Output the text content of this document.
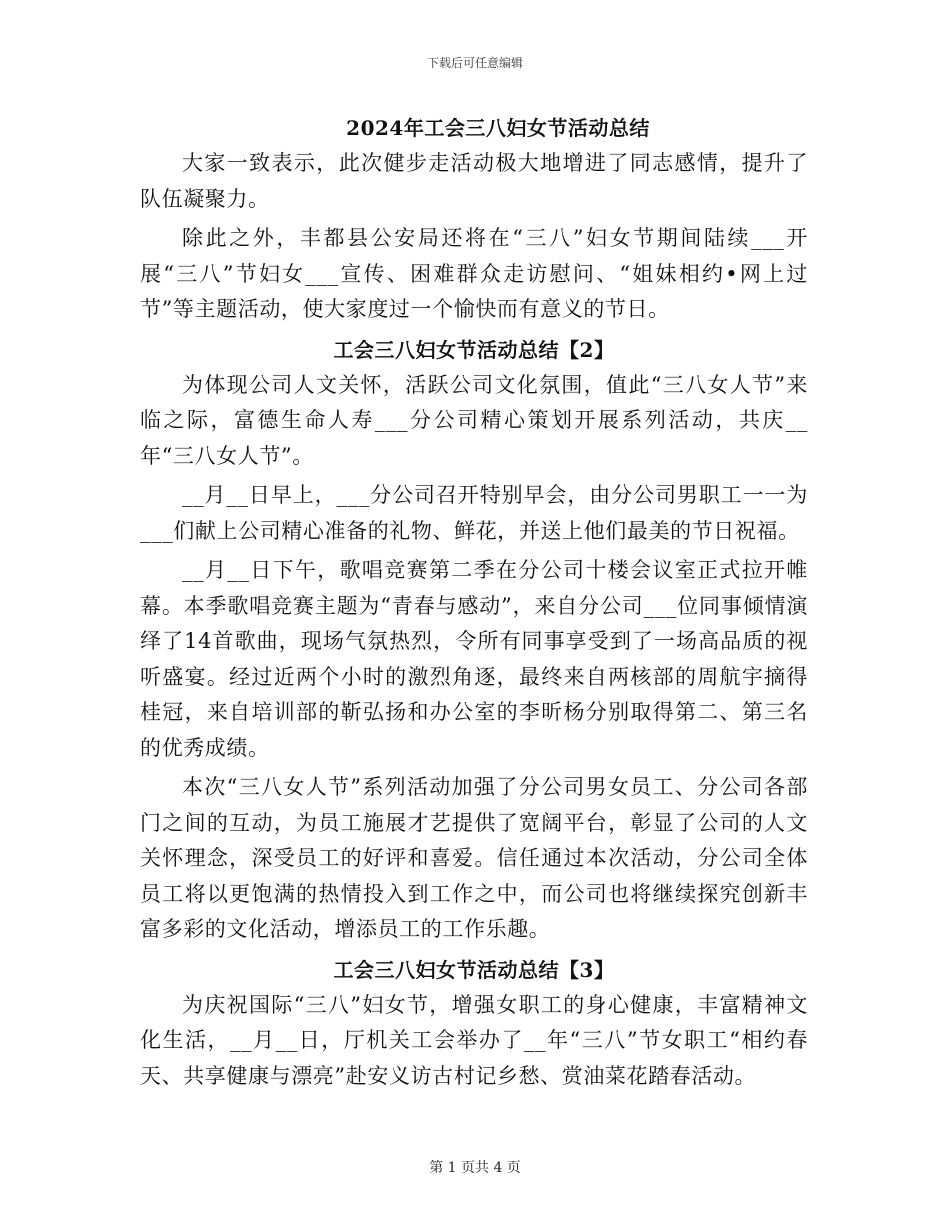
下载后可任意编辑
2024年工会三八妇女节活动总结

大家一致表示，此次健步走活动极大地增进了同志感情，提升了队伍凝聚力。

除此之外，丰都县公安局还将在“三八”妇女节期间陆续___开展“三八”节妇女___宣传、困难群众走访慰问、“姐妹相约•网上过节”等主题活动，使大家度过一个愉快而有意义的节日。

工会三八妇女节活动总结【2】

为体现公司人文关怀，活跃公司文化氛围，值此“三八女人节”来临之际，富德生命人寿___分公司精心策划开展系列活动，共庆__年“三八女人节”。

__月__日早上，___分公司召开特别早会，由分公司男职工一一为___们献上公司精心准备的礼物、鲜花，并送上他们最美的节日祝福。

__月__日下午，歌唱竞赛第二季在分公司十楼会议室正式拉开帷幕。本季歌唱竞赛主题为“青春与感动”，来自分公司___位同事倾情演绎了14首歌曲，现场气氛热烈，令所有同事享受到了一场高品质的视听盛宴。经过近两个小时的激烈角逐，最终来自两核部的周航宇摘得桂冠，来自培训部的靳弘扬和办公室的李昕杨分别取得第二、第三名的优秀成绩。

本次“三八女人节”系列活动加强了分公司男女员工、分公司各部门之间的互动，为员工施展才艺提供了宽阔平台，彰显了公司的人文关怀理念，深受员工的好评和喜爱。信任通过本次活动，分公司全体员工将以更饱满的热情投入到工作之中，而公司也将继续探究创新丰富多彩的文化活动，增添员工的工作乐趣。

工会三八妇女节活动总结【3】

为庆祝国际“三八”妇女节，增强女职工的身心健康，丰富精神文化生活，__月__日，厅机关工会举办了__年“三八”节女职工“相约春天、共享健康与漂亮”赴安义访古村记乡愁、赏油菜花踏春活动。

第 1 页共 4 页
